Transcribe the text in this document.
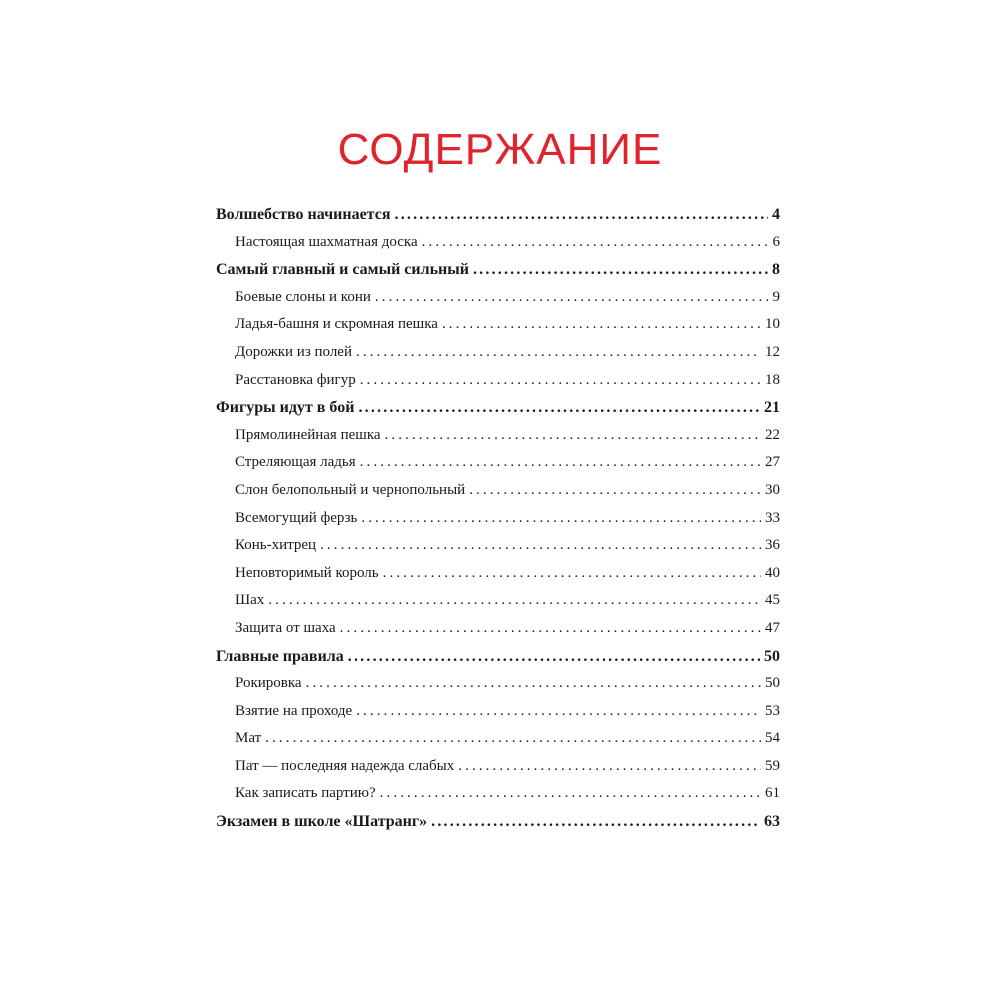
СОДЕРЖАНИЕ
Волшебство начинается .....	4
Настоящая шахматная доска .....	6
Самый главный и самый сильный .....	8
Боевые слоны и кони .....	9
Ладья-башня и скромная пешка .....	10
Дорожки из полей .....	12
Расстановка фигур .....	18
Фигуры идут в бой .....	21
Прямолинейная пешка .....	22
Стреляющая ладья .....	27
Слон белопольный и чернопольный .....	30
Всемогущий ферзь .....	33
Конь-хитрец .....	36
Неповторимый король .....	40
Шах .....	45
Защита от шаха .....	47
Главные правила .....	50
Рокировка .....	50
Взятие на проходе .....	53
Мат .....	54
Пат — последняя надежда слабых .....	59
Как записать партию? .....	61
Экзамен в школе «Шатранг» .....	63
